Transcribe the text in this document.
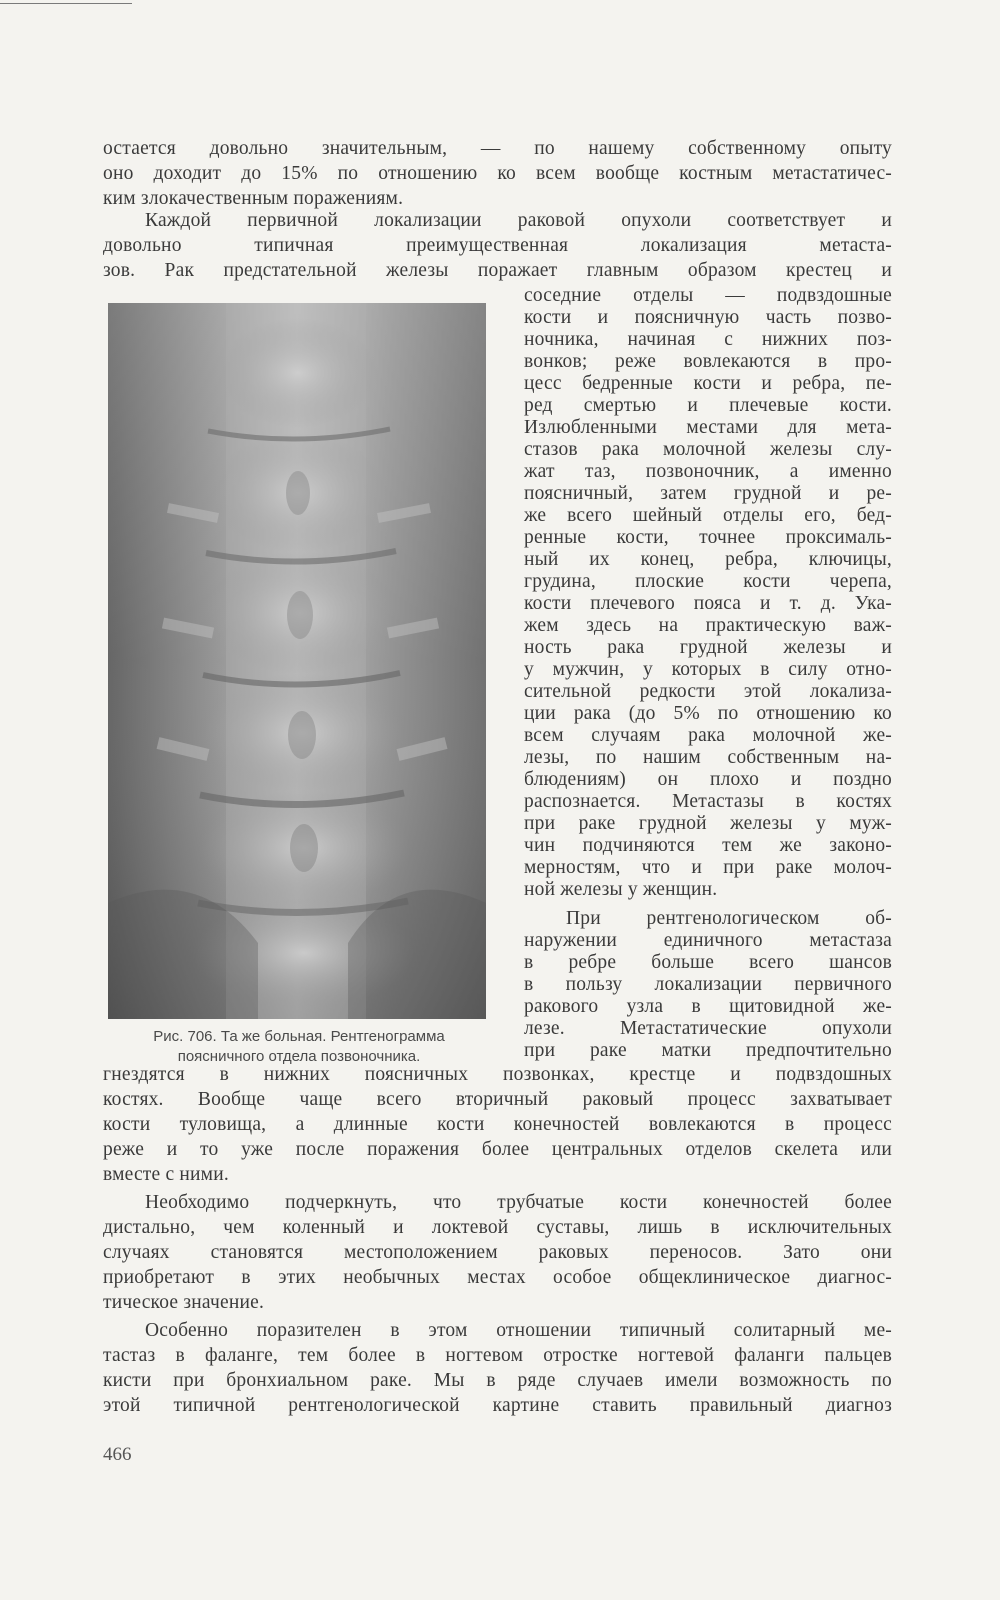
остается довольно значительным, — по нашему собственному опыту
оно доходит до 15% по отношению ко всем вообще костным метастатичес-
ким злокачественным поражениям.
Каждой первичной локализации раковой опухоли соответствует и
довольно типичная преимущественная локализация метаста-
зов. Рак предстательной железы поражает главным образом крестец и
Рис. 706. Та же больная. Рентгенограмма
поясничного отдела позвоночника.
соседние отделы — подвздошные
кости и поясничную часть позво-
ночника, начиная с нижних поз-
вонков; реже вовлекаются в про-
цесс бедренные кости и ребра, пе-
ред смертью и плечевые кости.
Излюбленными местами для мета-
стазов рака молочной железы слу-
жат таз, позвоночник, а именно
поясничный, затем грудной и ре-
же всего шейный отделы его, бед-
ренные кости, точнее проксималь-
ный их конец, ребра, ключицы,
грудина, плоские кости черепа,
кости плечевого пояса и т. д. Ука-
жем здесь на практическую важ-
ность рака грудной железы и
у мужчин, у которых в силу отно-
сительной редкости этой локализа-
ции рака (до 5% по отношению ко
всем случаям рака молочной же-
лезы, по нашим собственным на-
блюдениям) он плохо и поздно
распознается. Метастазы в костях
при раке грудной железы у муж-
чин подчиняются тем же законо-
мерностям, что и при раке молоч-
ной железы у женщин.
При рентгенологическом об-
наружении единичного метастаза
в ребре больше всего шансов
в пользу локализации первичного
ракового узла в щитовидной же-
лезе. Метастатические опухоли
при раке матки предпочтительно
гнездятся в нижних поясничных позвонках, крестце и подвздошных
костях. Вообще чаще всего вторичный раковый процесс захватывает
кости туловища, а длинные кости конечностей вовлекаются в процесс
реже и то уже после поражения более центральных отделов скелета или
вместе с ними.
Необходимо подчеркнуть, что трубчатые кости конечностей более
дистально, чем коленный и локтевой суставы, лишь в исключительных
случаях становятся местоположением раковых переносов. Зато они
приобретают в этих необычных местах особое общеклиническое диагнос-
тическое значение.
Особенно поразителен в этом отношении типичный солитарный ме-
тастаз в фаланге, тем более в ногтевом отростке ногтевой фаланги пальцев
кисти при бронхиальном раке. Мы в ряде случаев имели возможность по
этой типичной рентгенологической картине ставить правильный диагноз
466
